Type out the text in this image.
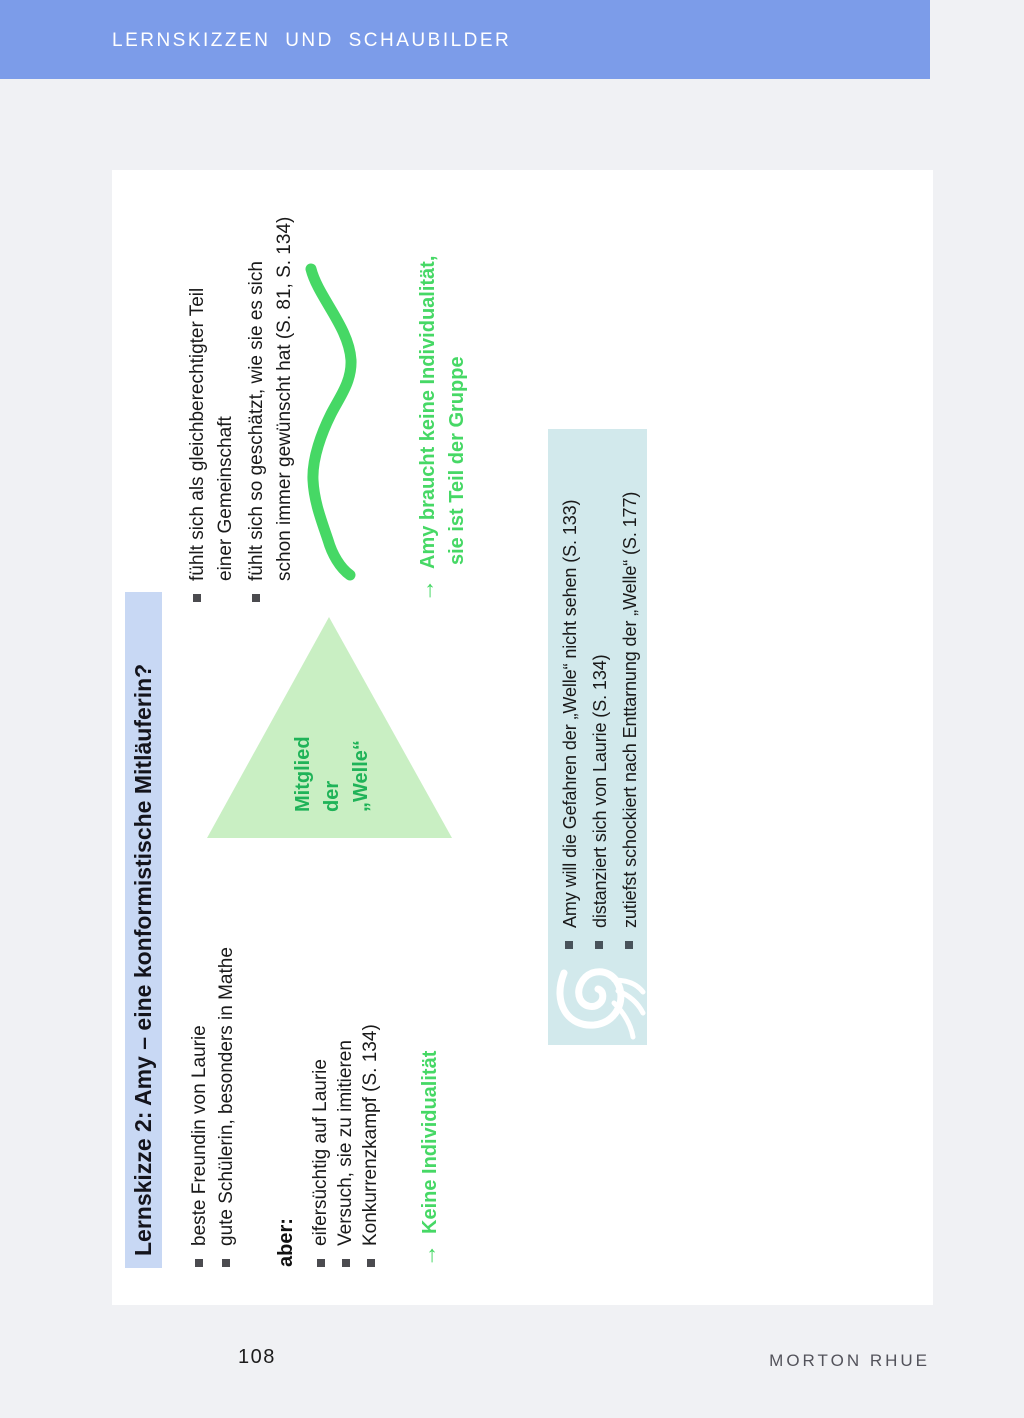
LERNSKIZZEN UND SCHAUBILDER
Lernskizze 2: Amy – eine konformistische Mitläuferin?	beste Freundin von Laurie gute Schülerin, besonders in Mathe aber: eifersüchtig auf Laurie Versuch, sie zu imitieren Konkurrenzkampf (S. 134)
→Keine Individualität
Mitglied der „Welle“
fühlt sich als gleichberechtigter Teil einer Gemeinschaft fühlt sich so geschätzt, wie sie es sich schon immer gewünscht hat (S. 81, S. 134)
→Amy braucht keine Individualität, sie ist Teil der Gruppe
Amy will die Gefahren der „Welle“ nicht sehen (S. 133) distanziert sich von Laurie (S. 134) zutiefst schockiert nach Enttarnung der „Welle“ (S. 177)
108	MORTON RHUE
